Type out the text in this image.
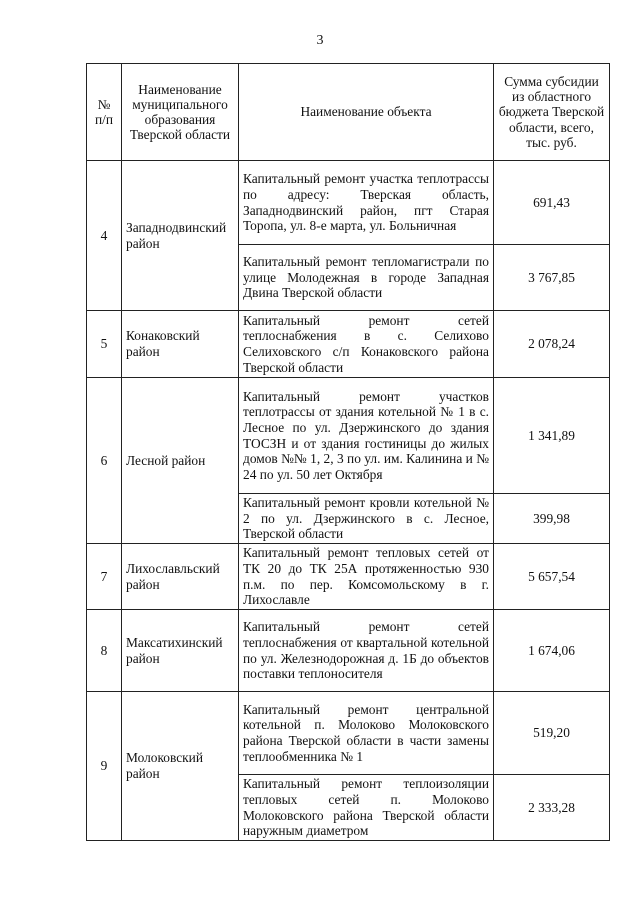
3
№ п/п	Наименование муниципального образования Тверской области	Наименование объекта	Сумма субсидии из областного бюджета Тверской области, всего, тыс. руб.
4	Западнодвинский район	Капитальный ремонт участка теплотрассы по адресу: Тверская область, Западнодвинский район, пгт Старая Торопа, ул. 8-е марта, ул. Больничная	691,43

		Капитальный ремонт тепломагистрали по улице Молодежная в городе Западная Двина Тверской области	3 767,85
5	Конаковский район	Капитальный ремонт сетей теплоснабжения в с. Селихово Селиховского с/п Конаковского района Тверской области	2 078,24
6	Лесной район	Капитальный ремонт участков теплотрассы от здания котельной № 1 в с. Лесное по ул. Дзержинского до здания ТОСЗН и от здания гостиницы до жилых домов №№ 1, 2, 3 по ул. им. Калинина и № 24 по ул. 50 лет Октября	1 341,89

		Капитальный ремонт кровли котельной № 2 по ул. Дзержинского в с. Лесное, Тверской области	399,98
7	Лихославльский район	Капитальный ремонт тепловых сетей от ТК 20 до ТК 25А протяженностью 930 п.м. по пер. Комсомольскому в г. Лихославле	5 657,54
8	Максатихинский район	Капитальный ремонт сетей теплоснабжения от квартальной котельной по ул. Железнодорожная д. 1Б до объектов поставки теплоносителя	1 674,06
9	Молоковский район	Капитальный ремонт центральной котельной п. Молоково Молоковского района Тверской области в части замены теплообменника № 1	519,20

		Капитальный ремонт теплоизоляции тепловых сетей п. Молоково Молоковского района Тверской области наружным диаметром	2 333,28
